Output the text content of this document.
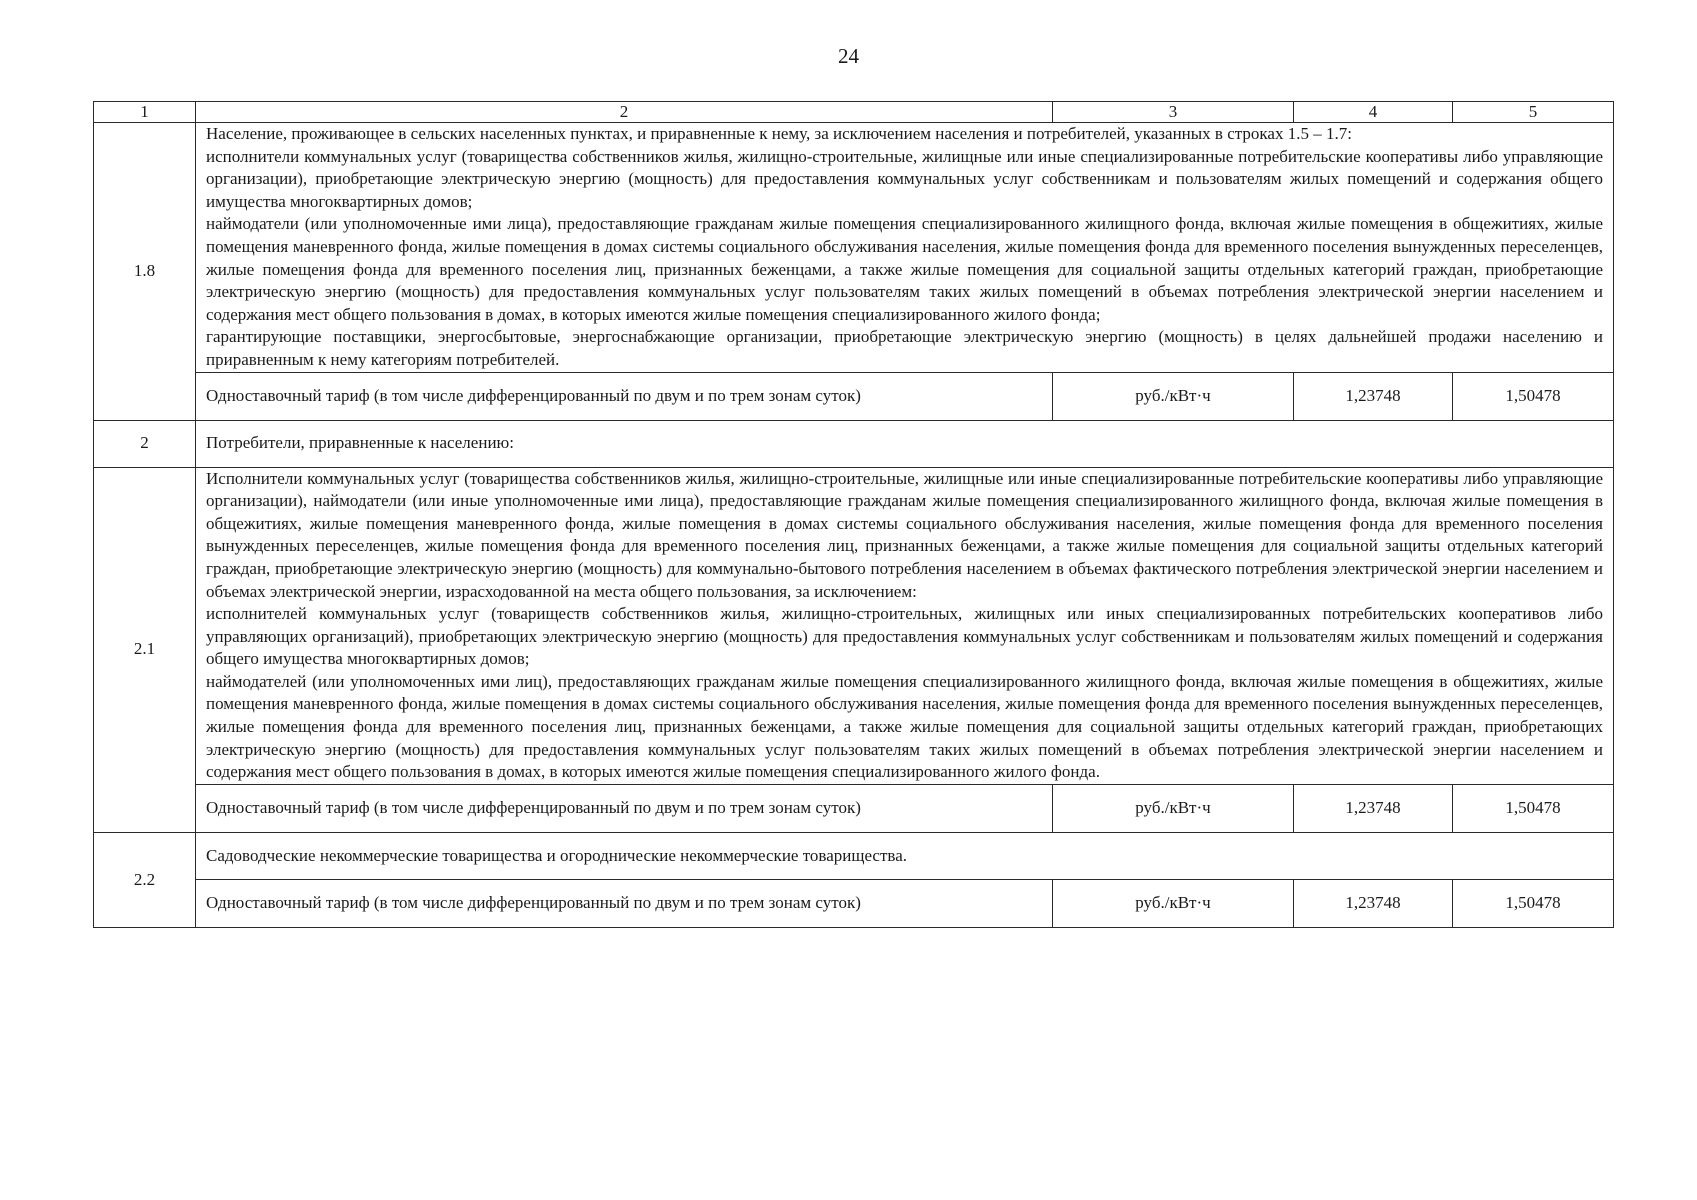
24
1	2	3	4	5
1.8	Население, проживающее в сельских населенных пунктах, и приравненные к нему, за исключением населения и потребителей, указанных в строках 1.5 – 1.7:

исполнители коммунальных услуг (товарищества собственников жилья, жилищно-строительные, жилищные или иные специализированные потребительские кооперативы либо управляющие организации), приобретающие электрическую энергию (мощность) для предоставления коммунальных услуг собственникам и пользователям жилых помещений и содержания общего имущества многоквартирных домов;

наймодатели (или уполномоченные ими лица), предоставляющие гражданам жилые помещения специализированного жилищного фонда, включая жилые помещения в общежитиях, жилые помещения маневренного фонда, жилые помещения в домах системы социального обслуживания населения, жилые помещения фонда для временного поселения вынужденных переселенцев, жилые помещения фонда для временного поселения лиц, признанных беженцами, а также жилые помещения для социальной защиты отдельных категорий граждан, приобретающие электрическую энергию (мощность) для предоставления коммунальных услуг пользователям таких жилых помещений в объемах потребления электрической энергии населением и содержания мест общего пользования в домах, в которых имеются жилые помещения специализированного жилого фонда;

гарантирующие поставщики, энергосбытовые, энергоснабжающие организации, приобретающие электрическую энергию (мощность) в целях дальнейшей продажи населению и приравненным к нему категориям потребителей.			

	Одноставочный тариф (в том числе дифференцированный по двум и по трем зонам суток)	руб./кВт·ч	1,23748	1,50478
2	Потребители, приравненные к населению:			
2.1	Исполнители коммунальных услуг (товарищества собственников жилья, жилищно-строительные, жилищные или иные специализированные потребительские кооперативы либо управляющие организации), наймодатели (или иные уполномоченные ими лица), предоставляющие гражданам жилые помещения специализированного жилищного фонда, включая жилые помещения в общежитиях, жилые помещения маневренного фонда, жилые помещения в домах системы социального обслуживания населения, жилые помещения фонда для временного поселения вынужденных переселенцев, жилые помещения фонда для временного поселения лиц, признанных беженцами, а также жилые помещения для социальной защиты отдельных категорий граждан, приобретающие электрическую энергию (мощность) для коммунально-бытового потребления населением в объемах фактического потребления электрической энергии населением и объемах электрической энергии, израсходованной на места общего пользования, за исключением:

исполнителей коммунальных услуг (товариществ собственников жилья, жилищно-строительных, жилищных или иных специализированных потребительских кооперативов либо управляющих организаций), приобретающих электрическую энергию (мощность) для предоставления коммунальных услуг собственникам и пользователям жилых помещений и содержания общего имущества многоквартирных домов;

наймодателей (или уполномоченных ими лиц), предоставляющих гражданам жилые помещения специализированного жилищного фонда, включая жилые помещения в общежитиях, жилые помещения маневренного фонда, жилые помещения в домах системы социального обслуживания населения, жилые помещения фонда для временного поселения вынужденных переселенцев, жилые помещения фонда для временного поселения лиц, признанных беженцами, а также жилые помещения для социальной защиты отдельных категорий граждан, приобретающих электрическую энергию (мощность) для предоставления коммунальных услуг пользователям таких жилых помещений в объемах потребления электрической энергии населением и содержания мест общего пользования в домах, в которых имеются жилые помещения специализированного жилого фонда.			

	Одноставочный тариф (в том числе дифференцированный по двум и по трем зонам суток)	руб./кВт·ч	1,23748	1,50478
2.2	Садоводческие некоммерческие товарищества и огороднические некоммерческие товарищества.			
	Одноставочный тариф (в том числе дифференцированный по двум и по трем зонам суток)	руб./кВт·ч	1,23748	1,50478
